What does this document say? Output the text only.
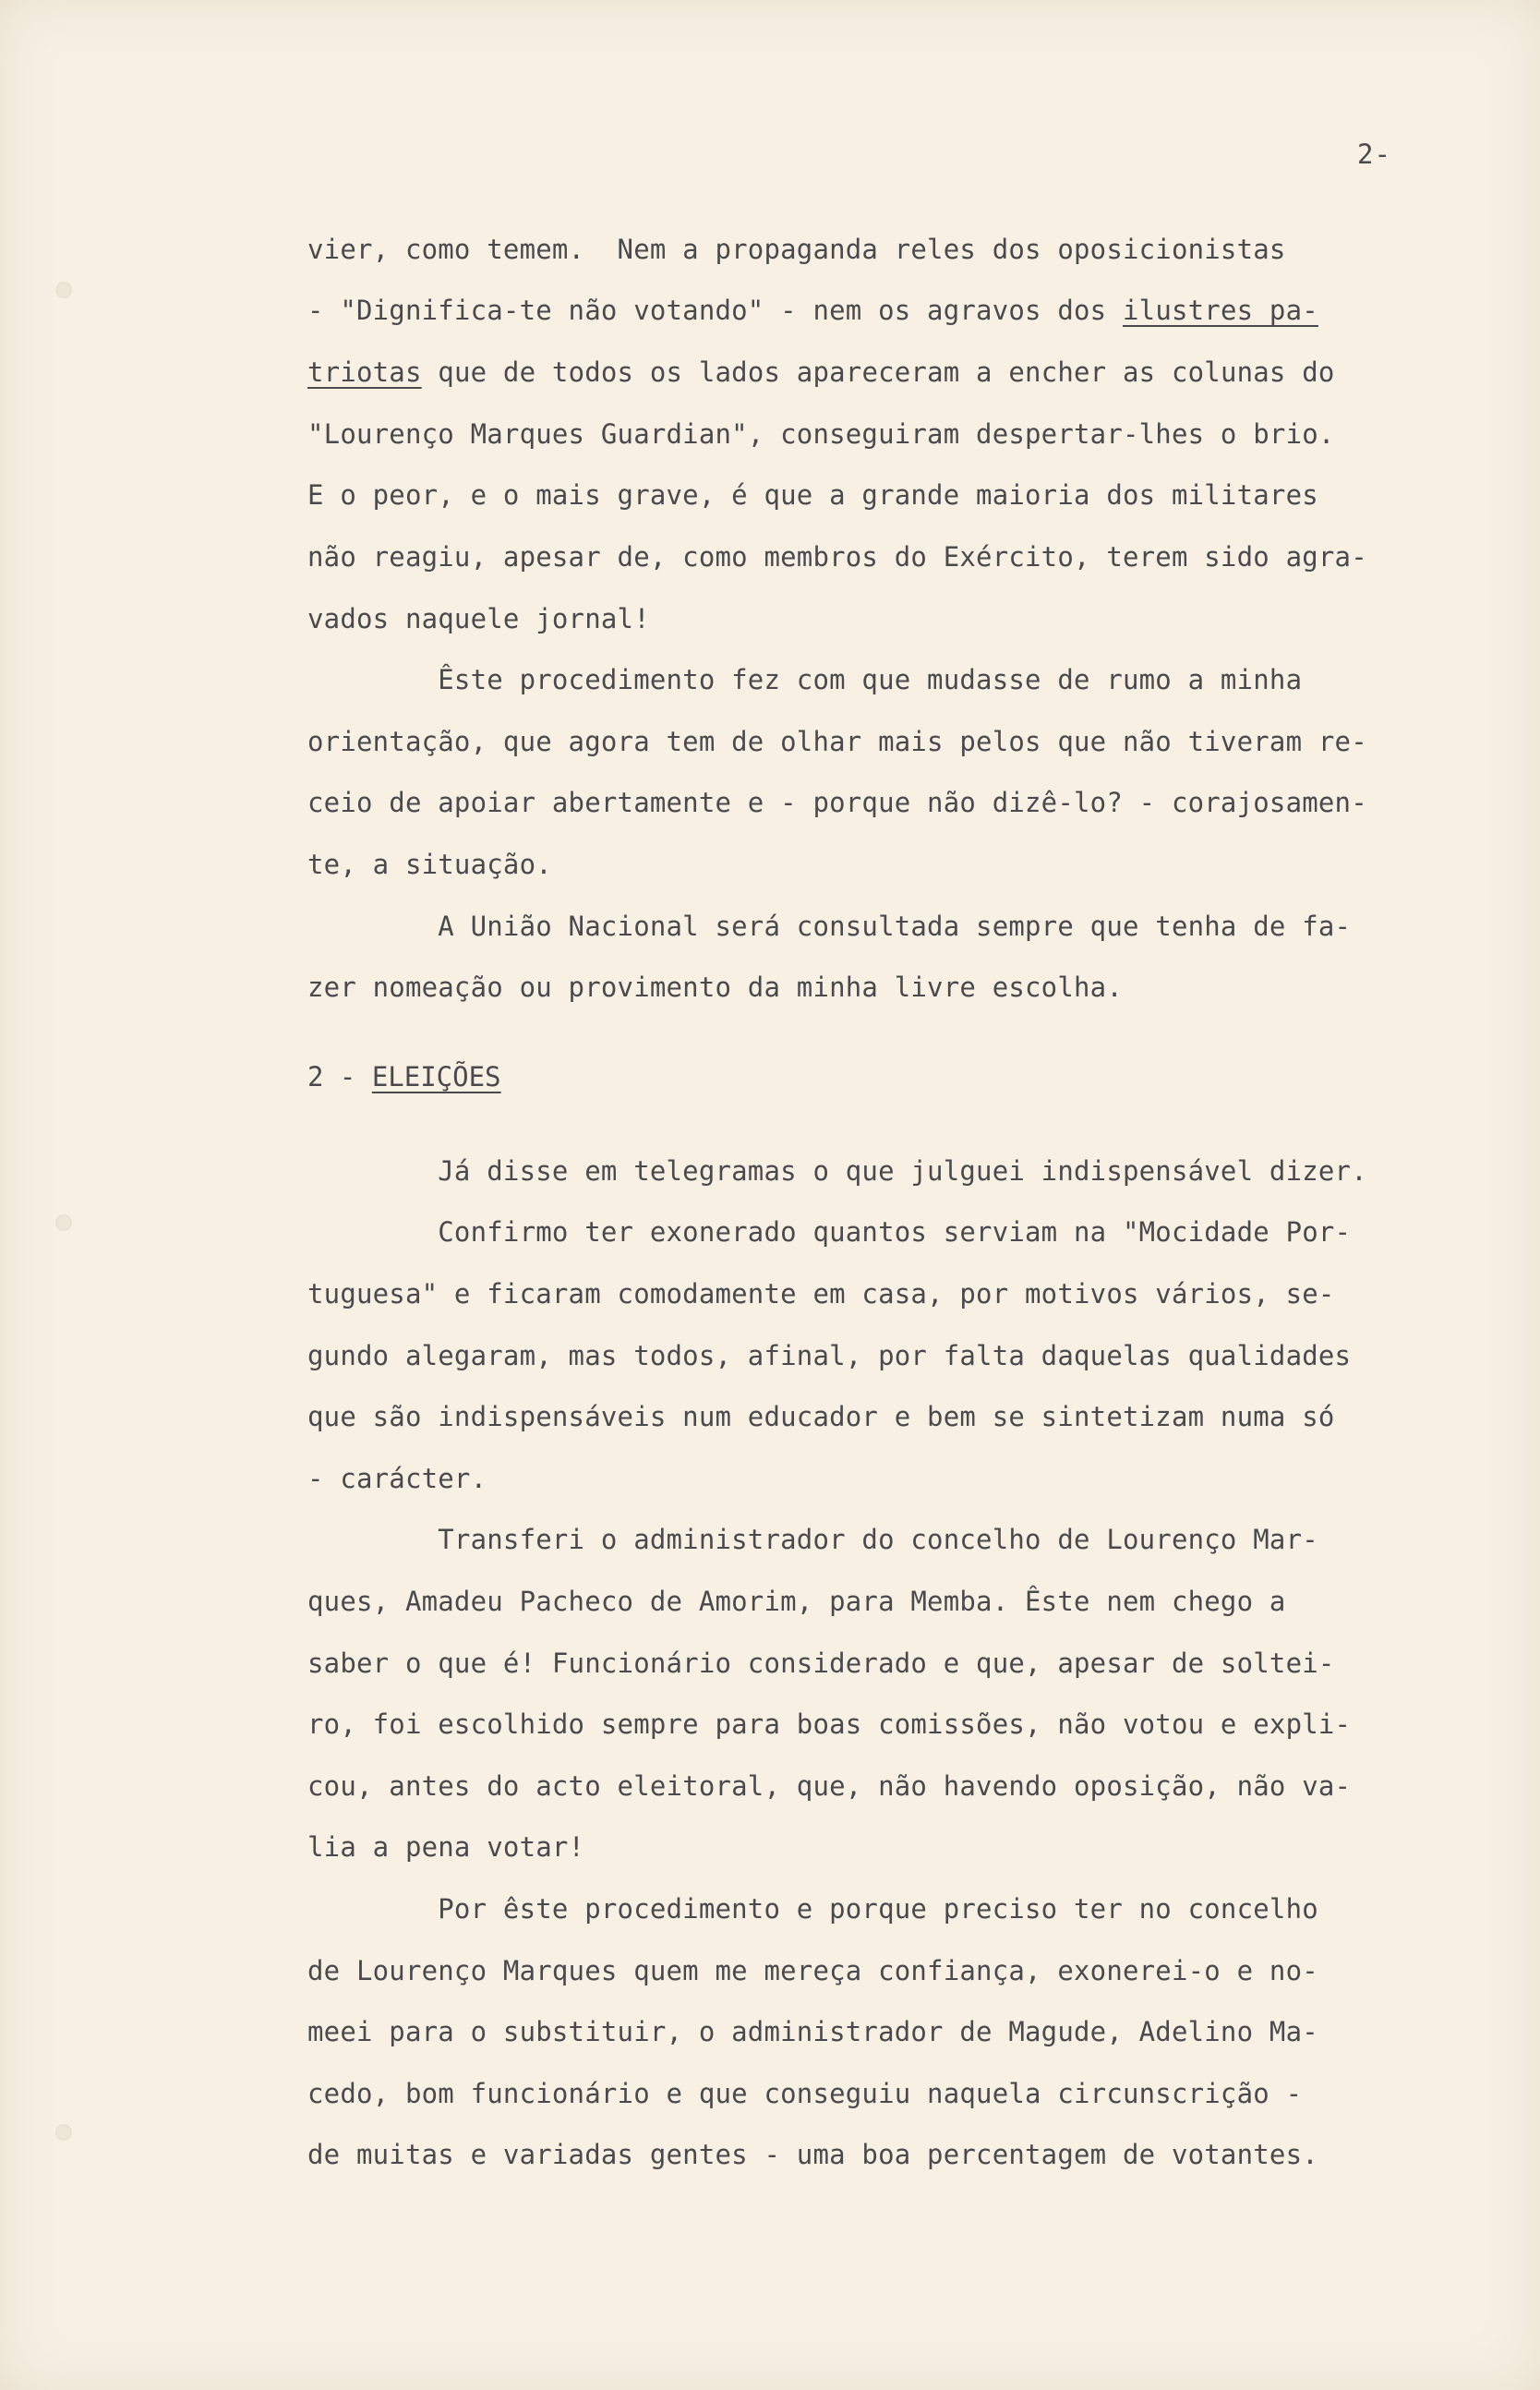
2-
vier, como temem.  Nem a propaganda reles dos oposicionistas
- "Dignifica-te não votando" - nem os agravos dos ilustres pa-
triotas que de todos os lados apareceram a encher as colunas do
"Lourenço Marques Guardian", conseguiram despertar-lhes o brio.
E o peor, e o mais grave, é que a grande maioria dos militares
não reagiu, apesar de, como membros do Exército, terem sido agra-
vados naquele jornal!
Êste procedimento fez com que mudasse de rumo a minha
orientação, que agora tem de olhar mais pelos que não tiveram re-
ceio de apoiar abertamente e - porque não dizê-lo? - corajosamen-
te, a situação.
A União Nacional será consultada sempre que tenha de fa-
zer nomeação ou provimento da minha livre escolha.
2 - ELEIÇÕES
Já disse em telegramas o que julguei indispensável dizer.
Confirmo ter exonerado quantos serviam na "Mocidade Por-
tuguesa" e ficaram comodamente em casa, por motivos vários, se-
gundo alegaram, mas todos, afinal, por falta daquelas qualidades
que são indispensáveis num educador e bem se sintetizam numa só
- carácter.
Transferi o administrador do concelho de Lourenço Mar-
ques, Amadeu Pacheco de Amorim, para Memba. Êste nem chego a
saber o que é! Funcionário considerado e que, apesar de soltei-
ro, foi escolhido sempre para boas comissões, não votou e expli-
cou, antes do acto eleitoral, que, não havendo oposição, não va-
lia a pena votar!
Por êste procedimento e porque preciso ter no concelho
de Lourenço Marques quem me mereça confiança, exonerei-o e no-
meei para o substituir, o administrador de Magude, Adelino Ma-
cedo, bom funcionário e que conseguiu naquela circunscrição -
de muitas e variadas gentes - uma boa percentagem de votantes.
